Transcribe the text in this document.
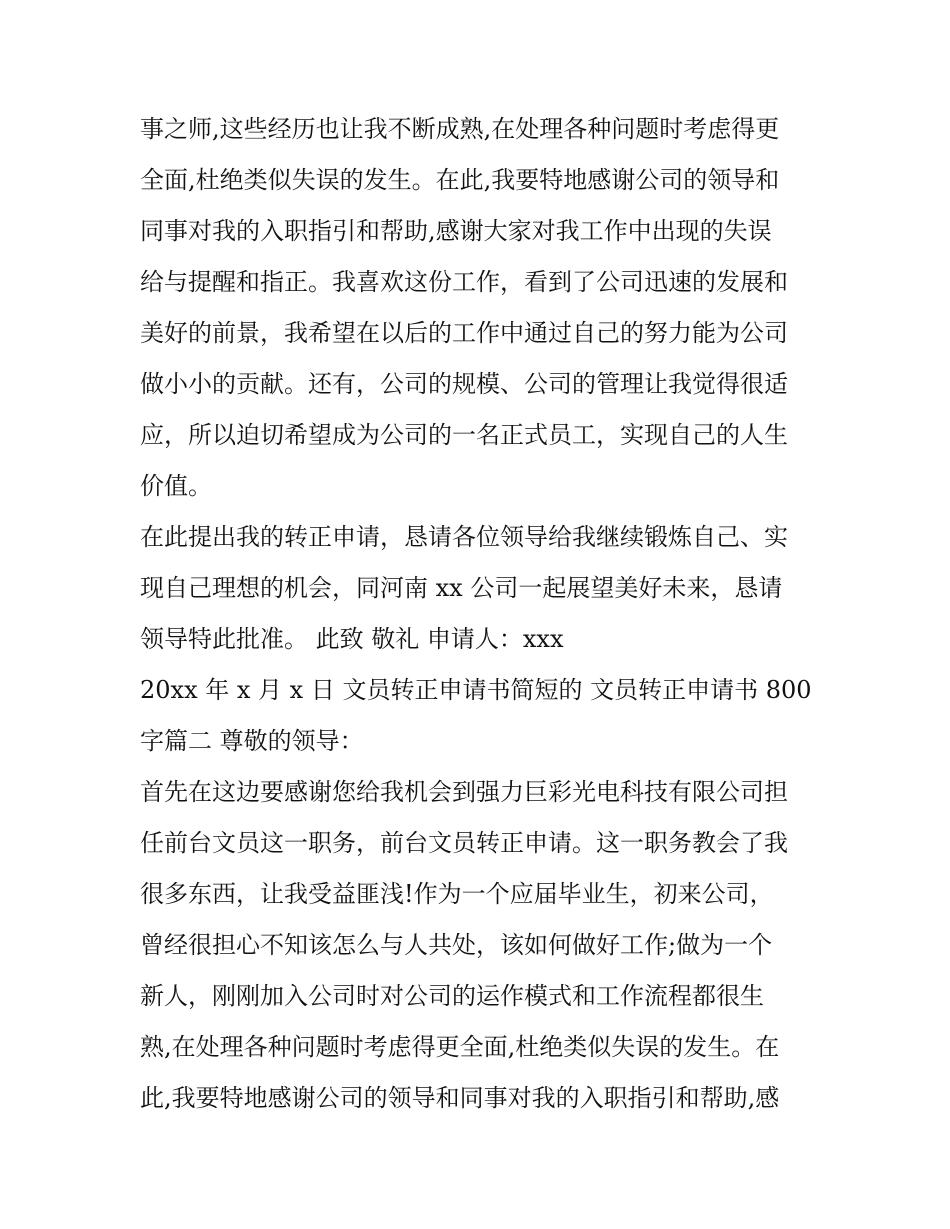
事之师,这些经历也让我不断成熟,在处理各种问题时考虑得更
全面,杜绝类似失误的发生。在此,我要特地感谢公司的领导和
同事对我的入职指引和帮助,感谢大家对我工作中出现的失误
给与提醒和指正。我喜欢这份工作，看到了公司迅速的发展和
美好的前景，我希望在以后的工作中通过自己的努力能为公司
做小小的贡献。还有，公司的规模、公司的管理让我觉得很适
应，所以迫切希望成为公司的一名正式员工，实现自己的人生
价值。
在此提出我的转正申请，恳请各位领导给我继续锻炼自己、实
现自己理想的机会，同河南 xx 公司一起展望美好未来，恳请
领导特此批准。 此致 敬礼 申请人：xxx
20xx 年 x 月 x 日 文员转正申请书简短的 文员转正申请书 800
字篇二 尊敬的领导：
首先在这边要感谢您给我机会到强力巨彩光电科技有限公司担
任前台文员这一职务，前台文员转正申请。这一职务教会了我
很多东西，让我受益匪浅!作为一个应届毕业生，初来公司，
曾经很担心不知该怎么与人共处，该如何做好工作;做为一个
新人，刚刚加入公司时对公司的运作模式和工作流程都很生
熟,在处理各种问题时考虑得更全面,杜绝类似失误的发生。在
此,我要特地感谢公司的领导和同事对我的入职指引和帮助,感
